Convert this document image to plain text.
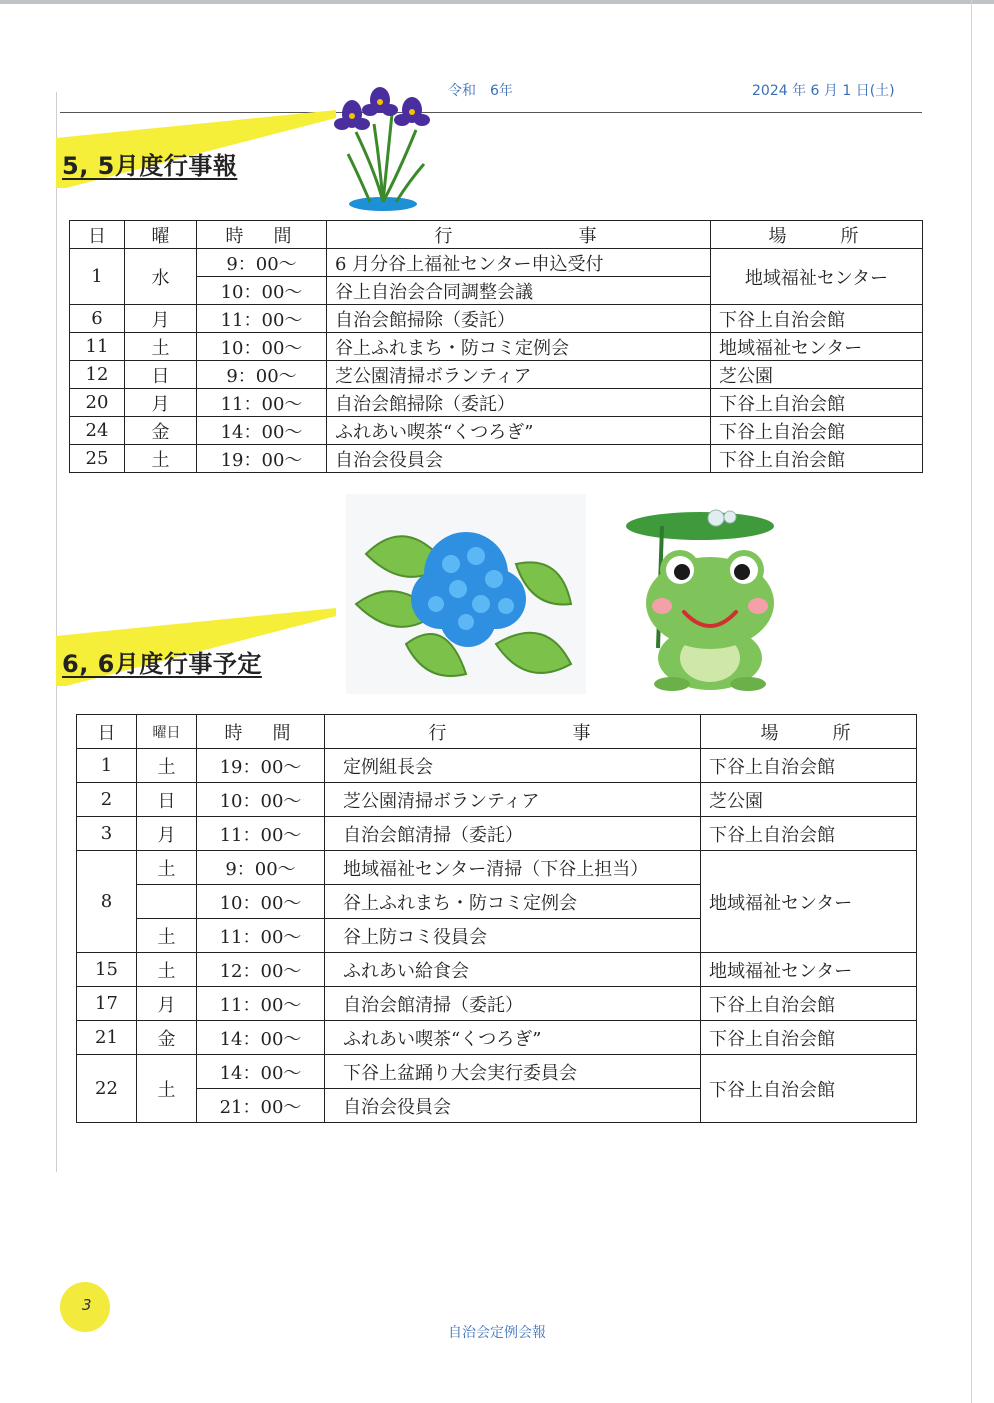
令和　6年	2024 年 6 月 1 日(土)
5, 5月度行事報
日	曜	時　間	行　　　　　事	場　　所
1	水	9：00～	6 月分谷上福祉センター申込受付	地域福祉センター
		10：00～	谷上自治会合同調整会議	
6	月	11：00～	自治会館掃除（委託）	下谷上自治会館
11	土	10：00～	谷上ふれまち・防コミ定例会	地域福祉センター
12	日	9：00～	芝公園清掃ボランティア	芝公園
20	月	11：00～	自治会館掃除（委託）	下谷上自治会館
24	金	14：00～	ふれあい喫茶“くつろぎ”	下谷上自治会館
25	土	19：00～	自治会役員会	下谷上自治会館
6, 6月度行事予定
日	曜日	時　間	行　　　　　事	場　　所
1	土	19：00～	定例組長会	下谷上自治会館
2	日	10：00～	芝公園清掃ボランティア	芝公園
3	月	11：00～	自治会館清掃（委託）	下谷上自治会館
8	土	9：00～	地域福祉センター清掃（下谷上担当）	地域福祉センター
		10：00～	谷上ふれまち・防コミ定例会	
	土	11：00～	谷上防コミ役員会	
15	土	12：00～	ふれあい給食会	地域福祉センター
17	月	11：00～	自治会館清掃（委託）	下谷上自治会館
21	金	14：00～	ふれあい喫茶“くつろぎ”	下谷上自治会館
22	土	14：00～	下谷上盆踊り大会実行委員会	下谷上自治会館
		21：00～	自治会役員会	
3
自治会定例会報
